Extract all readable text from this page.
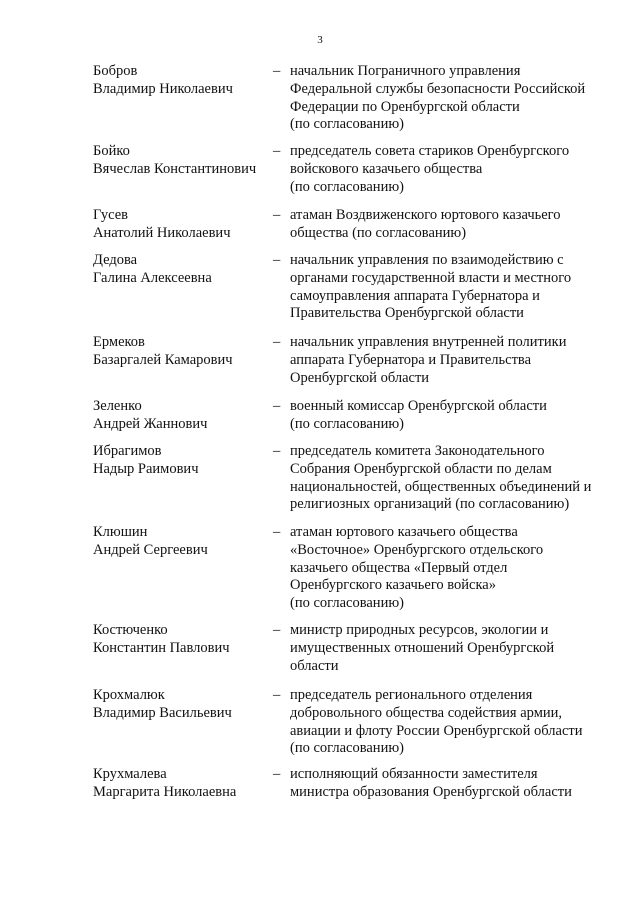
3
Бобров
Владимир Николаевич
– начальник Пограничного управления
Федеральной службы безопасности Российской
Федерации по Оренбургской области
(по согласованию)
Бойко
Вячеслав Константинович
– председатель совета стариков Оренбургского
войскового казачьего общества
(по согласованию)
Гусев
Анатолий Николаевич
– атаман Воздвиженского юртового казачьего
общества (по согласованию)
Дедова
Галина Алексеевна
– начальник управления по взаимодействию с
органами государственной власти и местного
самоуправления аппарата Губернатора и
Правительства Оренбургской области
Ермеков
Базаргалей Камарович
– начальник управления внутренней политики
аппарата Губернатора и Правительства
Оренбургской области
Зеленко
Андрей Жаннович
– военный комиссар Оренбургской области
(по согласованию)
Ибрагимов
Надыр Раимович
– председатель комитета Законодательного
Собрания Оренбургской области по делам
национальностей, общественных объединений и
религиозных организаций (по согласованию)
Клюшин
Андрей Сергеевич
– атаман юртового казачьего общества
«Восточное» Оренбургского отдельского
казачьего общества «Первый отдел
Оренбургского казачьего войска»
(по согласованию)
Костюченко
Константин Павлович
– министр природных ресурсов, экологии и
имущественных отношений Оренбургской
области
Крохмалюк
Владимир Васильевич
– председатель регионального отделения
добровольного общества содействия армии,
авиации и флоту России Оренбургской области
(по согласованию)
Крухмалева
Маргарита Николаевна
– исполняющий обязанности заместителя
министра образования Оренбургской области
